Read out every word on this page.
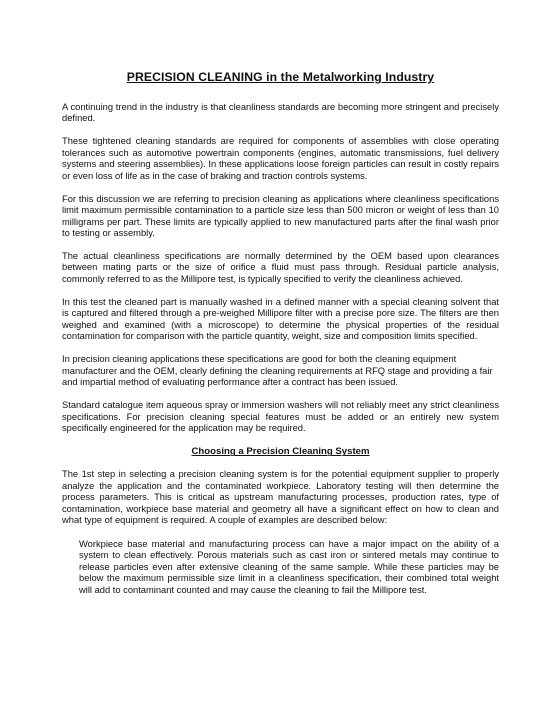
PRECISION CLEANING in the Metalworking Industry

A continuing trend in the industry is that cleanliness standards are becoming more stringent and precisely defined.

These tightened cleaning standards are required for components of assemblies with close operating tolerances such as automotive powertrain components (engines, automatic transmissions, fuel delivery systems and steering assemblies). In these applications loose foreign particles can result in costly repairs or even loss of life as in the case of braking and traction controls systems.

For this discussion we are referring to precision cleaning as applications where cleanliness specifications limit maximum permissible contamination to a particle size less than 500 micron or weight of less than 10 milligrams per part. These limits are typically applied to new manufactured parts after the final wash prior to testing or assembly.

The actual cleanliness specifications are normally determined by the OEM based upon clearances between mating parts or the size of orifice a fluid must pass through. Residual particle analysis, commonly referred to as the Millipore test, is typically specified to verify the cleanliness achieved.

In this test the cleaned part is manually washed in a defined manner with a special cleaning solvent that is captured and filtered through a pre-weighed Millipore filter with a precise pore size. The filters are then weighed and examined (with a microscope) to determine the physical properties of the residual contamination for comparison with the particle quantity, weight, size and composition limits specified.

In precision cleaning applications these specifications are good for both the cleaning equipment manufacturer and the OEM, clearly defining the cleaning requirements at RFQ stage and providing a fair and impartial method of evaluating performance after a contract has been issued.

Standard catalogue item aqueous spray or immersion washers will not reliably meet any strict cleanliness specifications. For precision cleaning special features must be added or an entirely new system specifically engineered for the application may be required.

Choosing a Precision Cleaning System

The 1st step in selecting a precision cleaning system is for the potential equipment supplier to properly analyze the application and the contaminated workpiece. Laboratory testing will then determine the process parameters. This is critical as upstream manufacturing processes, production rates, type of contamination, workpiece base material and geometry all have a significant effect on how to clean and what type of equipment is required. A couple of examples are described below:

Workpiece base material and manufacturing process can have a major impact on the ability of a system to clean effectively. Porous materials such as cast iron or sintered metals may continue to release particles even after extensive cleaning of the same sample. While these particles may be below the maximum permissible size limit in a cleanliness specification, their combined total weight will add to contaminant counted and may cause the cleaning to fail the Millipore test.
